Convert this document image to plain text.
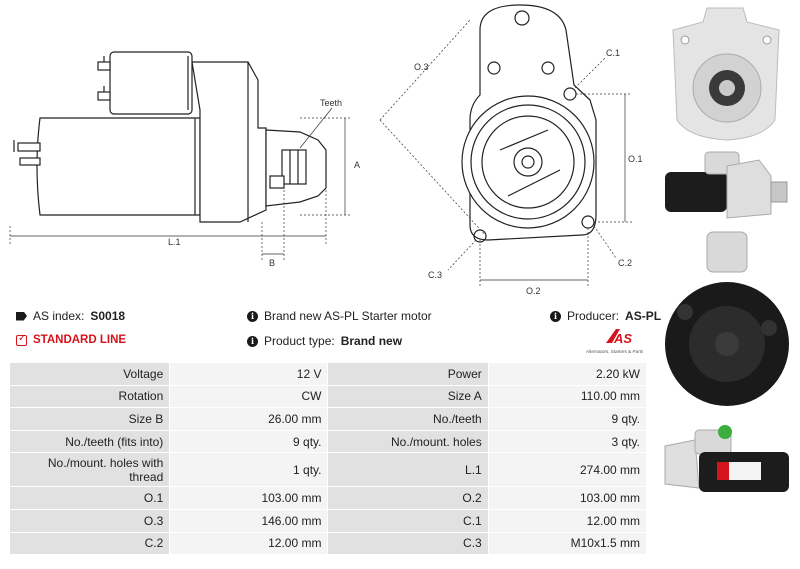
L.1
B
A
Teeth
O.3
O.1
O.2
C.1
C.2
C.3
AS index: S0018
✓ STANDARD LINE
i Brand new AS-PL Starter motor
i Product type: Brand new
i Producer: AS-PL
AS
Alternators, Starters & Parts
Voltage	12 V	Power	2.20 kW
Rotation	CW	Size A	110.00 mm
Size B	26.00 mm	No./teeth	9 qty.
No./teeth (fits into)	9 qty.	No./mount. holes	3 qty.
No./mount. holes with thread	1 qty.	L.1	274.00 mm
O.1	103.00 mm	O.2	103.00 mm
O.3	146.00 mm	C.1	12.00 mm
C.2	12.00 mm	C.3	M10x1.5 mm
